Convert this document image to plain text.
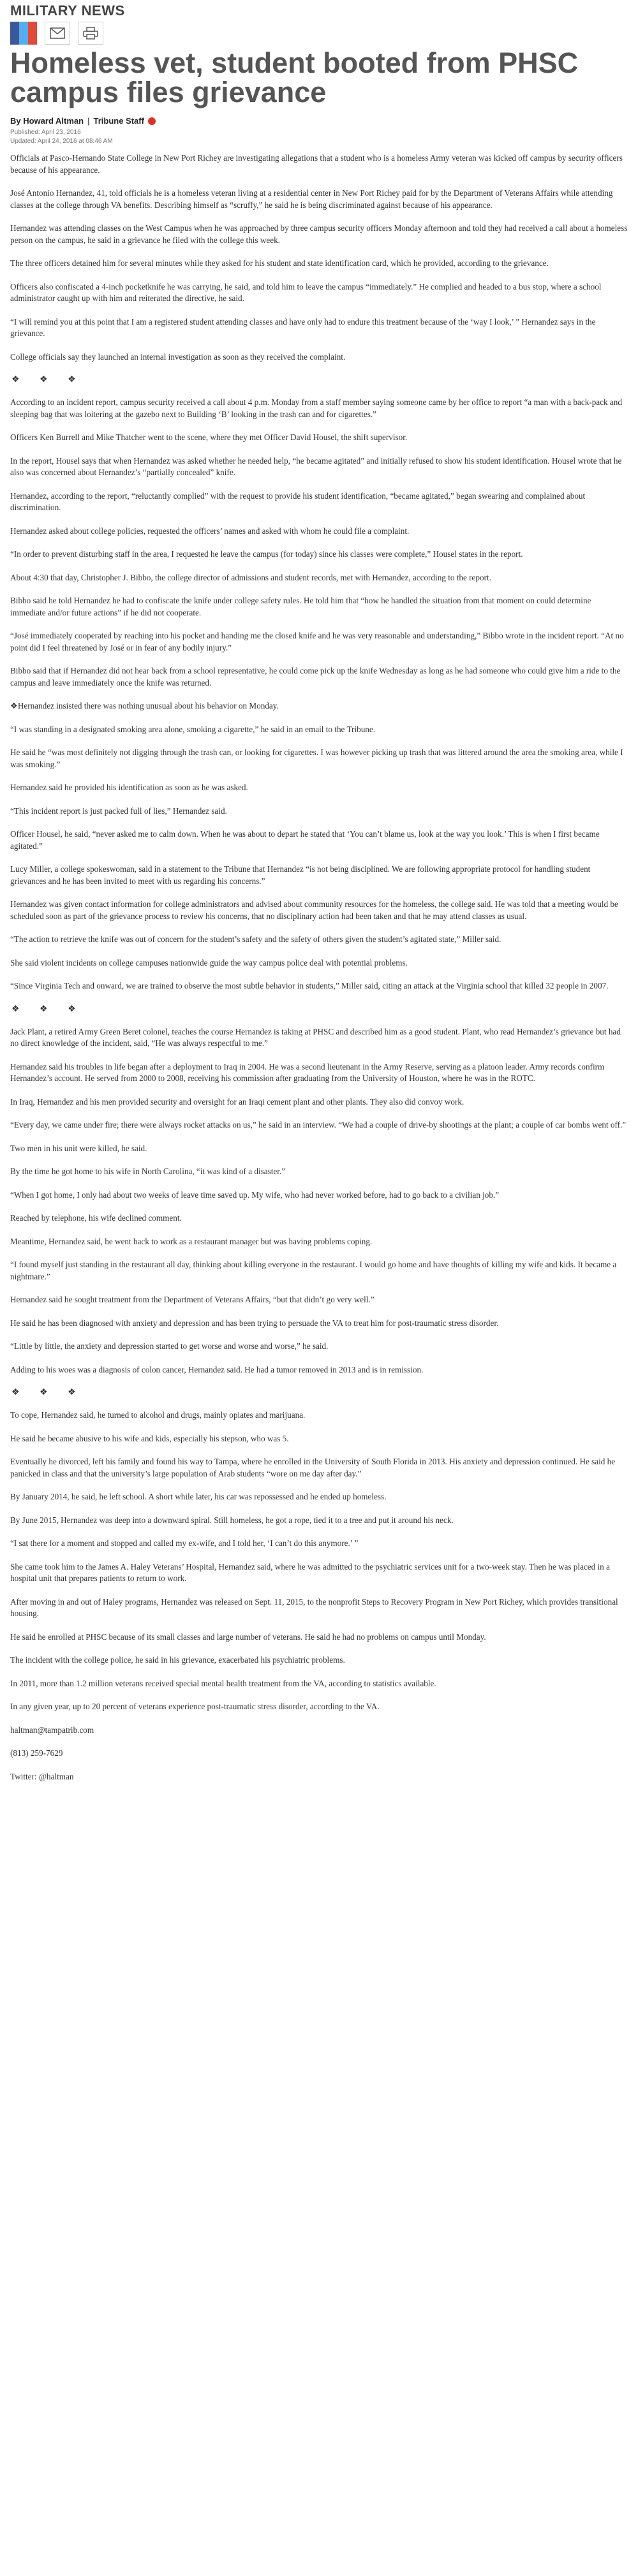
MILITARY NEWS
Homeless vet, student booted from PHSC campus files grievance
By Howard Altman | Tribune Staff
Published: April 23, 2016
Updated: April 24, 2016 at 08:46 AM

Officials at Pasco-Hernando State College in New Port Richey are investigating allegations that a student who is a homeless Army veteran was kicked off campus by security officers because of his appearance.

José Antonio Hernandez, 41, told officials he is a homeless veteran living at a residential center in New Port Richey paid for by the Department of Veterans Affairs while attending classes at the college through VA benefits. Describing himself as “scruffy,” he said he is being discriminated against because of his appearance.

Hernandez was attending classes on the West Campus when he was approached by three campus security officers Monday afternoon and told they had received a call about a homeless person on the campus, he said in a grievance he filed with the college this week.

The three officers detained him for several minutes while they asked for his student and state identification card, which he provided, according to the grievance.

Officers also confiscated a 4-inch pocketknife he was carrying, he said, and told him to leave the campus “immediately.” He complied and headed to a bus stop, where a school administrator caught up with him and reiterated the directive, he said.

“I will remind you at this point that I am a registered student attending classes and have only had to endure this treatment because of the ‘way I look,’ ” Hernandez says in the grievance.

College officials say they launched an internal investigation as soon as they received the complaint.

❖ ❖ ❖

According to an incident report, campus security received a call about 4 p.m. Monday from a staff member saying someone came by her office to report “a man with a back-pack and sleeping bag that was loitering at the gazebo next to Building ‘B’ looking in the trash can and for cigarettes.”

Officers Ken Burrell and Mike Thatcher went to the scene, where they met Officer David Housel, the shift supervisor.

In the report, Housel says that when Hernandez was asked whether he needed help, “he became agitated” and initially refused to show his student identification. Housel wrote that he also was concerned about Hernandez’s “partially concealed” knife.

Hernandez, according to the report, “reluctantly complied” with the request to provide his student identification, “became agitated,” began swearing and complained about discrimination.

Hernandez asked about college policies, requested the officers’ names and asked with whom he could file a complaint.

“In order to prevent disturbing staff in the area, I requested he leave the campus (for today) since his classes were complete,” Housel states in the report.

About 4:30 that day, Christopher J. Bibbo, the college director of admissions and student records, met with Hernandez, according to the report.

Bibbo said he told Hernandez he had to confiscate the knife under college safety rules. He told him that “how he handled the situation from that moment on could determine immediate and/or future actions” if he did not cooperate.

“José immediately cooperated by reaching into his pocket and handing me the closed knife and he was very reasonable and understanding,” Bibbo wrote in the incident report. “At no point did I feel threatened by José or in fear of any bodily injury.”

Bibbo said that if Hernandez did not hear back from a school representative, he could come pick up the knife Wednesday as long as he had someone who could give him a ride to the campus and leave immediately once the knife was returned.

❖Hernandez insisted there was nothing unusual about his behavior on Monday.

“I was standing in a designated smoking area alone, smoking a cigarette,” he said in an email to the Tribune.

He said he “was most definitely not digging through the trash can, or looking for cigarettes. I was however picking up trash that was littered around the area the smoking area, while I was smoking.”

Hernandez said he provided his identification as soon as he was asked.

“This incident report is just packed full of lies,” Hernandez said.

Officer Housel, he said, “never asked me to calm down. When he was about to depart he stated that ‘You can’t blame us, look at the way you look.’ This is when I first became agitated.”

Lucy Miller, a college spokeswoman, said in a statement to the Tribune that Hernandez “is not being disciplined. We are following appropriate protocol for handling student grievances and he has been invited to meet with us regarding his concerns.”

Hernandez was given contact information for college administrators and advised about community resources for the homeless, the college said. He was told that a meeting would be scheduled soon as part of the grievance process to review his concerns, that no disciplinary action had been taken and that he may attend classes as usual.

“The action to retrieve the knife was out of concern for the student’s safety and the safety of others given the student’s agitated state,” Miller said.

She said violent incidents on college campuses nationwide guide the way campus police deal with potential problems.

“Since Virginia Tech and onward, we are trained to observe the most subtle behavior in students,” Miller said, citing an attack at the Virginia school that killed 32 people in 2007.

❖ ❖ ❖

Jack Plant, a retired Army Green Beret colonel, teaches the course Hernandez is taking at PHSC and described him as a good student. Plant, who read Hernandez’s grievance but had no direct knowledge of the incident, said, “He was always respectful to me.”

Hernandez said his troubles in life began after a deployment to Iraq in 2004. He was a second lieutenant in the Army Reserve, serving as a platoon leader. Army records confirm Hernandez’s account. He served from 2000 to 2008, receiving his commission after graduating from the University of Houston, where he was in the ROTC.

In Iraq, Hernandez and his men provided security and oversight for an Iraqi cement plant and other plants. They also did convoy work.

“Every day, we came under fire; there were always rocket attacks on us,” he said in an interview. “We had a couple of drive-by shootings at the plant; a couple of car bombs went off.”

Two men in his unit were killed, he said.

By the time he got home to his wife in North Carolina, “it was kind of a disaster.”

“When I got home, I only had about two weeks of leave time saved up. My wife, who had never worked before, had to go back to a civilian job.”

Reached by telephone, his wife declined comment.

Meantime, Hernandez said, he went back to work as a restaurant manager but was having problems coping.

“I found myself just standing in the restaurant all day, thinking about killing everyone in the restaurant. I would go home and have thoughts of killing my wife and kids. It became a nightmare.”

Hernandez said he sought treatment from the Department of Veterans Affairs, “but that didn’t go very well.”

He said he has been diagnosed with anxiety and depression and has been trying to persuade the VA to treat him for post-traumatic stress disorder.

“Little by little, the anxiety and depression started to get worse and worse and worse,” he said.

Adding to his woes was a diagnosis of colon cancer, Hernandez said. He had a tumor removed in 2013 and is in remission.

❖ ❖ ❖

To cope, Hernandez said, he turned to alcohol and drugs, mainly opiates and marijuana.

He said he became abusive to his wife and kids, especially his stepson, who was 5.

Eventually he divorced, left his family and found his way to Tampa, where he enrolled in the University of South Florida in 2013. His anxiety and depression continued. He said he panicked in class and that the university’s large population of Arab students “wore on me day after day.”

By January 2014, he said, he left school. A short while later, his car was repossessed and he ended up homeless.

By June 2015, Hernandez was deep into a downward spiral. Still homeless, he got a rope, tied it to a tree and put it around his neck.

“I sat there for a moment and stopped and called my ex-wife, and I told her, ‘I can’t do this anymore.’ ”

She came took him to the James A. Haley Veterans’ Hospital, Hernandez said, where he was admitted to the psychiatric services unit for a two-week stay. Then he was placed in a hospital unit that prepares patients to return to work.

After moving in and out of Haley programs, Hernandez was released on Sept. 11, 2015, to the nonprofit Steps to Recovery Program in New Port Richey, which provides transitional housing.

He said he enrolled at PHSC because of its small classes and large number of veterans. He said he had no problems on campus until Monday.

The incident with the college police, he said in his grievance, exacerbated his psychiatric problems.

In 2011, more than 1.2 million veterans received special mental health treatment from the VA, according to statistics available.

In any given year, up to 20 percent of veterans experience post-traumatic stress disorder, according to the VA.

haltman@tampatrib.com
(813) 259-7629
Twitter: @haltman
